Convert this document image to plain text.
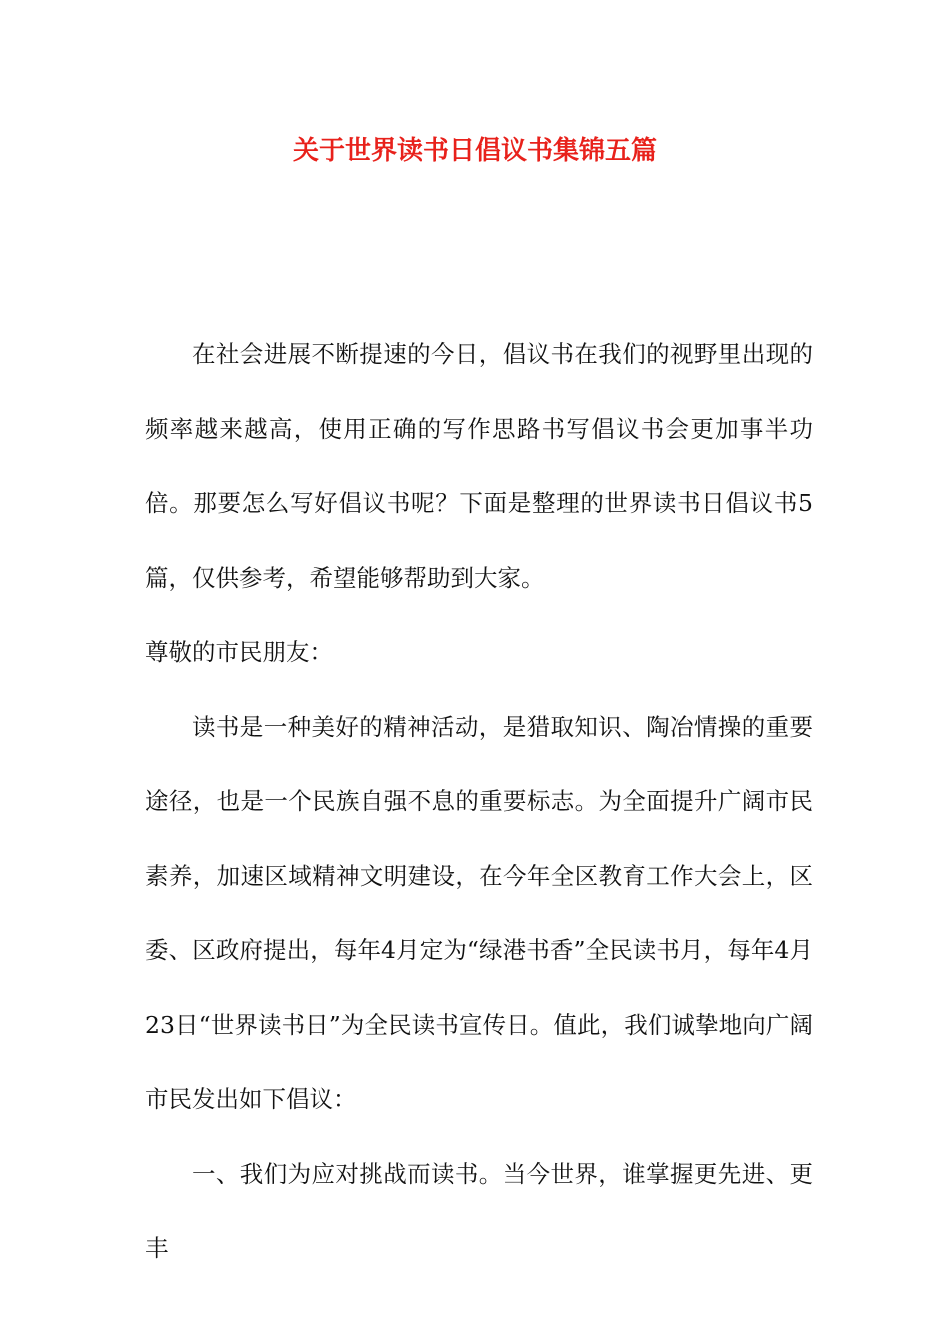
关于世界读书日倡议书集锦五篇

在社会进展不断提速的今日，倡议书在我们的视野里出现的频率越来越高，使用正确的写作思路书写倡议书会更加事半功倍。那要怎么写好倡议书呢？下面是整理的世界读书日倡议书5篇，仅供参考，希望能够帮助到大家。

尊敬的市民朋友：

读书是一种美好的精神活动，是猎取知识、陶冶情操的重要途径，也是一个民族自强不息的重要标志。为全面提升广阔市民素养，加速区域精神文明建设，在今年全区教育工作大会上，区委、区政府提出，每年4月定为“绿港书香”全民读书月，每年4月23日“世界读书日”为全民读书宣传日。值此，我们诚挚地向广阔市民发出如下倡议：

一、我们为应对挑战而读书。当今世界，谁掌握更先进、更丰
